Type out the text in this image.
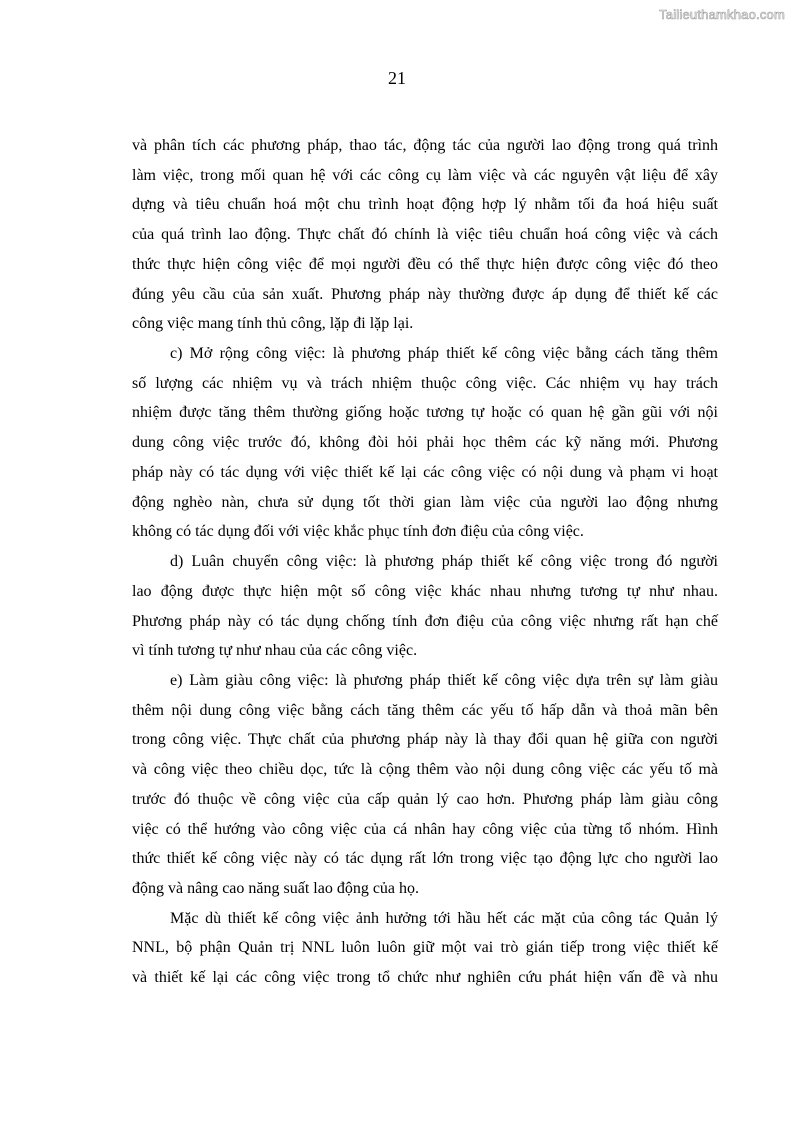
Tailieuthamkhao.com
21

và phân tích các phương pháp, thao tác, động tác của người lao động trong quá trình
làm việc, trong mối quan hệ với các công cụ làm việc và các nguyên vật liệu để xây
dựng và tiêu chuẩn hoá một chu trình hoạt động hợp lý nhằm tối đa hoá hiệu suất
của quá trình lao động. Thực chất đó chính là việc tiêu chuẩn hoá công việc và cách
thức thực hiện công việc để mọi người đều có thể thực hiện được công việc đó theo
đúng yêu cầu của sản xuất. Phương pháp này thường được áp dụng để thiết kế các
công việc mang tính thủ công, lặp đi lặp lại.

c) Mở rộng công việc: là phương pháp thiết kế công việc bằng cách tăng thêm
số lượng các nhiệm vụ và trách nhiệm thuộc công việc. Các nhiệm vụ hay trách
nhiệm được tăng thêm thường giống hoặc tương tự hoặc có quan hệ gần gũi với nội
dung công việc trước đó, không đòi hỏi phải học thêm các kỹ năng mới. Phương
pháp này có tác dụng với việc thiết kế lại các công việc có nội dung và phạm vi hoạt
động nghèo nàn, chưa sử dụng tốt thời gian làm việc của người lao động nhưng
không có tác dụng đối với việc khắc phục tính đơn điệu của công việc.

d) Luân chuyển công việc: là phương pháp thiết kế công việc trong đó người
lao động được thực hiện một số công việc khác nhau nhưng tương tự như nhau.
Phương pháp này có tác dụng chống tính đơn điệu của công việc nhưng rất hạn chế
vì tính tương tự như nhau của các công việc.

e) Làm giàu công việc: là phương pháp thiết kế công việc dựa trên sự làm giàu
thêm nội dung công việc bằng cách tăng thêm các yếu tố hấp dẫn và thoả mãn bên
trong công việc. Thực chất của phương pháp này là thay đổi quan hệ giữa con người
và công việc theo chiều dọc, tức là cộng thêm vào nội dung công việc các yếu tố mà
trước đó thuộc về công việc của cấp quản lý cao hơn. Phương pháp làm giàu công
việc có thể hướng vào công việc của cá nhân hay công việc của từng tổ nhóm. Hình
thức thiết kế công việc này có tác dụng rất lớn trong việc tạo động lực cho người lao
động và nâng cao năng suất lao động của họ.

Mặc dù thiết kế công việc ảnh hưởng tới hầu hết các mặt của công tác Quản lý
NNL, bộ phận Quản trị NNL luôn luôn giữ một vai trò gián tiếp trong việc thiết kế
và thiết kế lại các công việc trong tổ chức như nghiên cứu phát hiện vấn đề và nhu
